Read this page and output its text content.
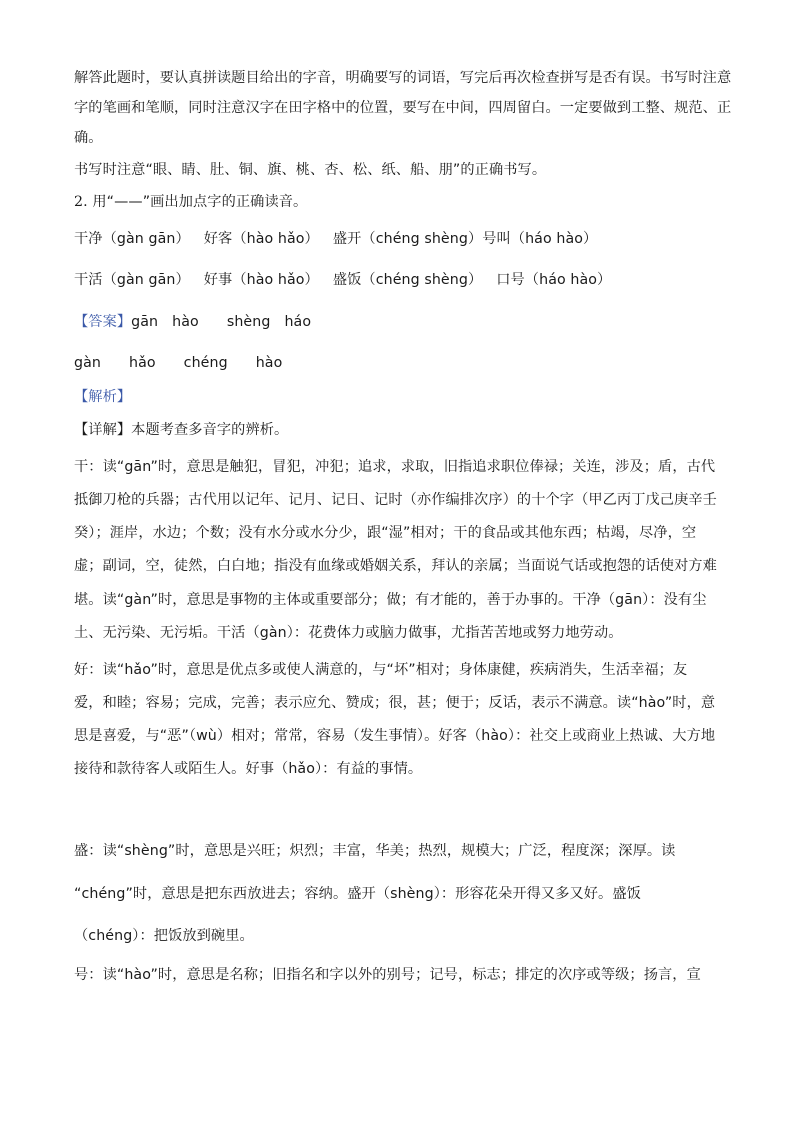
解答此题时，要认真拼读题目给出的字音，明确要写的词语，写完后再次检查拼写是否有误。书写时注意
字的笔画和笔顺，同时注意汉字在田字格中的位置，要写在中间，四周留白。一定要做到工整、规范、正
确。
书写时注意“眼、睛、肚、铜、旗、桃、杏、松、纸、船、朋”的正确书写。
2. 用“——”画出加点字的正确读音。
干净（gàn gān） 好客（hào hǎo） 盛开（chéng shèng）号叫（háo hào）
干活（gàn gān） 好事（hào hǎo） 盛饭（chéng shèng） 口号（háo hào）
【答案】gān hào shèng háo
gàn hǎo chéng hào
【解析】
【详解】本题考查多音字的辨析。
干：读“gān”时，意思是触犯，冒犯，冲犯；追求，求取，旧指追求职位俸禄；关连，涉及；盾，古代
抵御刀枪的兵器；古代用以记年、记月、记日、记时（亦作编排次序）的十个字（甲乙丙丁戊己庚辛壬
癸）；涯岸，水边；个数；没有水分或水分少，跟“湿”相对；干的食品或其他东西；枯竭，尽净，空
虚；副词，空，徒然，白白地；指没有血缘或婚姻关系，拜认的亲属；当面说气话或抱怨的话使对方难
堪。读“gàn”时，意思是事物的主体或重要部分；做；有才能的，善于办事的。干净（gān）：没有尘
土、无污染、无污垢。干活（gàn）：花费体力或脑力做事，尤指苦苦地或努力地劳动。
好：读“hǎo”时，意思是优点多或使人满意的，与“坏”相对；身体康健，疾病消失，生活幸福；友
爱，和睦；容易；完成，完善；表示应允、赞成；很，甚；便于；反话，表示不满意。读“hào”时，意
思是喜爱，与“恶”（wù）相对；常常，容易（发生事情）。好客（hào）：社交上或商业上热诚、大方地
接待和款待客人或陌生人。好事（hǎo）：有益的事情。
盛：读“shèng”时，意思是兴旺；炽烈；丰富，华美；热烈，规模大；广泛，程度深；深厚。读
“chéng”时，意思是把东西放进去；容纳。盛开（shèng）：形容花朵开得又多又好。盛饭
（chéng）：把饭放到碗里。
号：读“hào”时，意思是名称；旧指名和字以外的别号；记号，标志；排定的次序或等级；扬言，宣
